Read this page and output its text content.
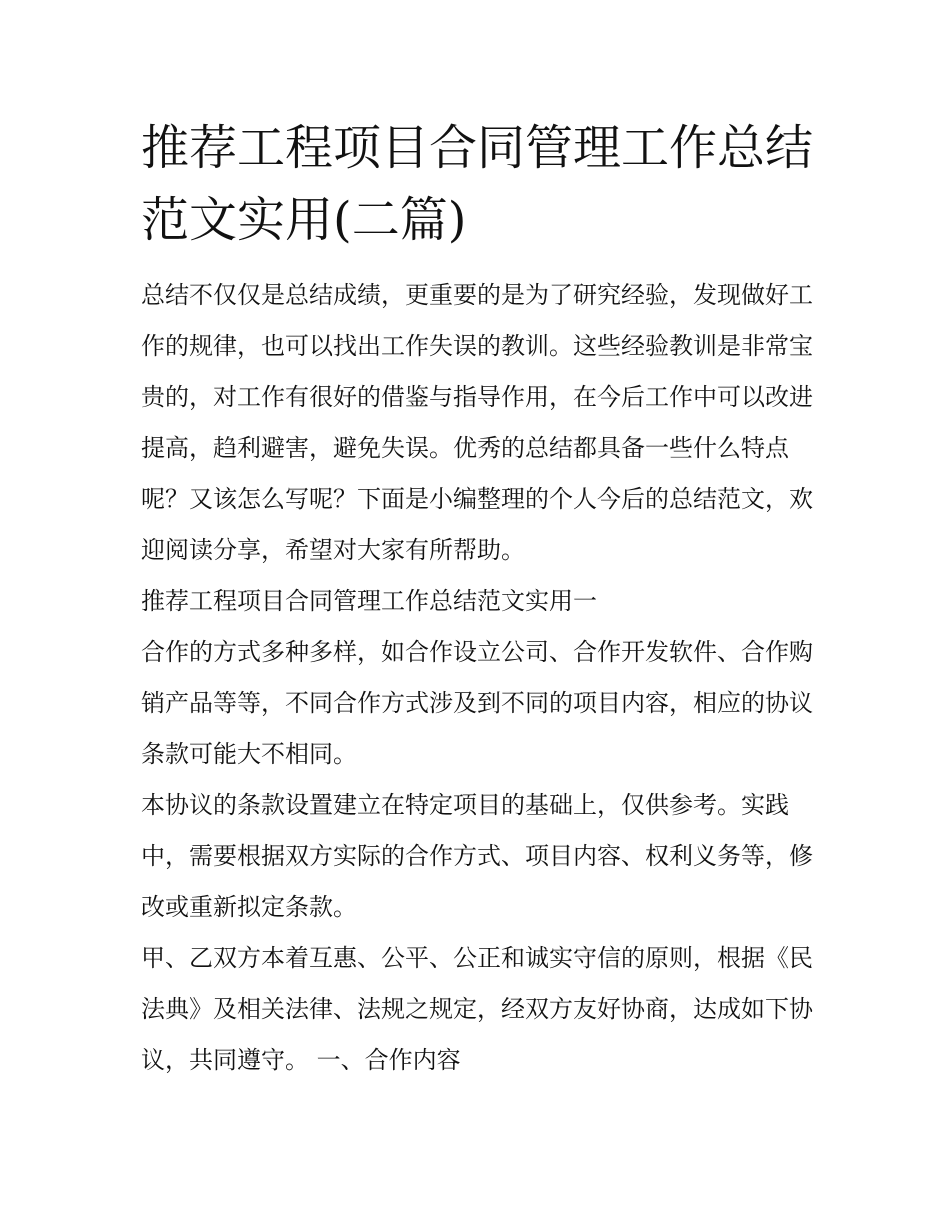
推荐工程项目合同管理工作总结范文实用(二篇)

总结不仅仅是总结成绩，更重要的是为了研究经验，发现做好工作的规律，也可以找出工作失误的教训。这些经验教训是非常宝贵的，对工作有很好的借鉴与指导作用，在今后工作中可以改进提高，趋利避害，避免失误。优秀的总结都具备一些什么特点呢？又该怎么写呢？下面是小编整理的个人今后的总结范文，欢迎阅读分享，希望对大家有所帮助。

推荐工程项目合同管理工作总结范文实用一

合作的方式多种多样，如合作设立公司、合作开发软件、合作购销产品等等，不同合作方式涉及到不同的项目内容，相应的协议条款可能大不相同。

本协议的条款设置建立在特定项目的基础上，仅供参考。实践中，需要根据双方实际的合作方式、项目内容、权利义务等，修改或重新拟定条款。

甲、乙双方本着互惠、公平、公正和诚实守信的原则，根据《民法典》及相关法律、法规之规定，经双方友好协商，达成如下协议，共同遵守。 一、合作内容
